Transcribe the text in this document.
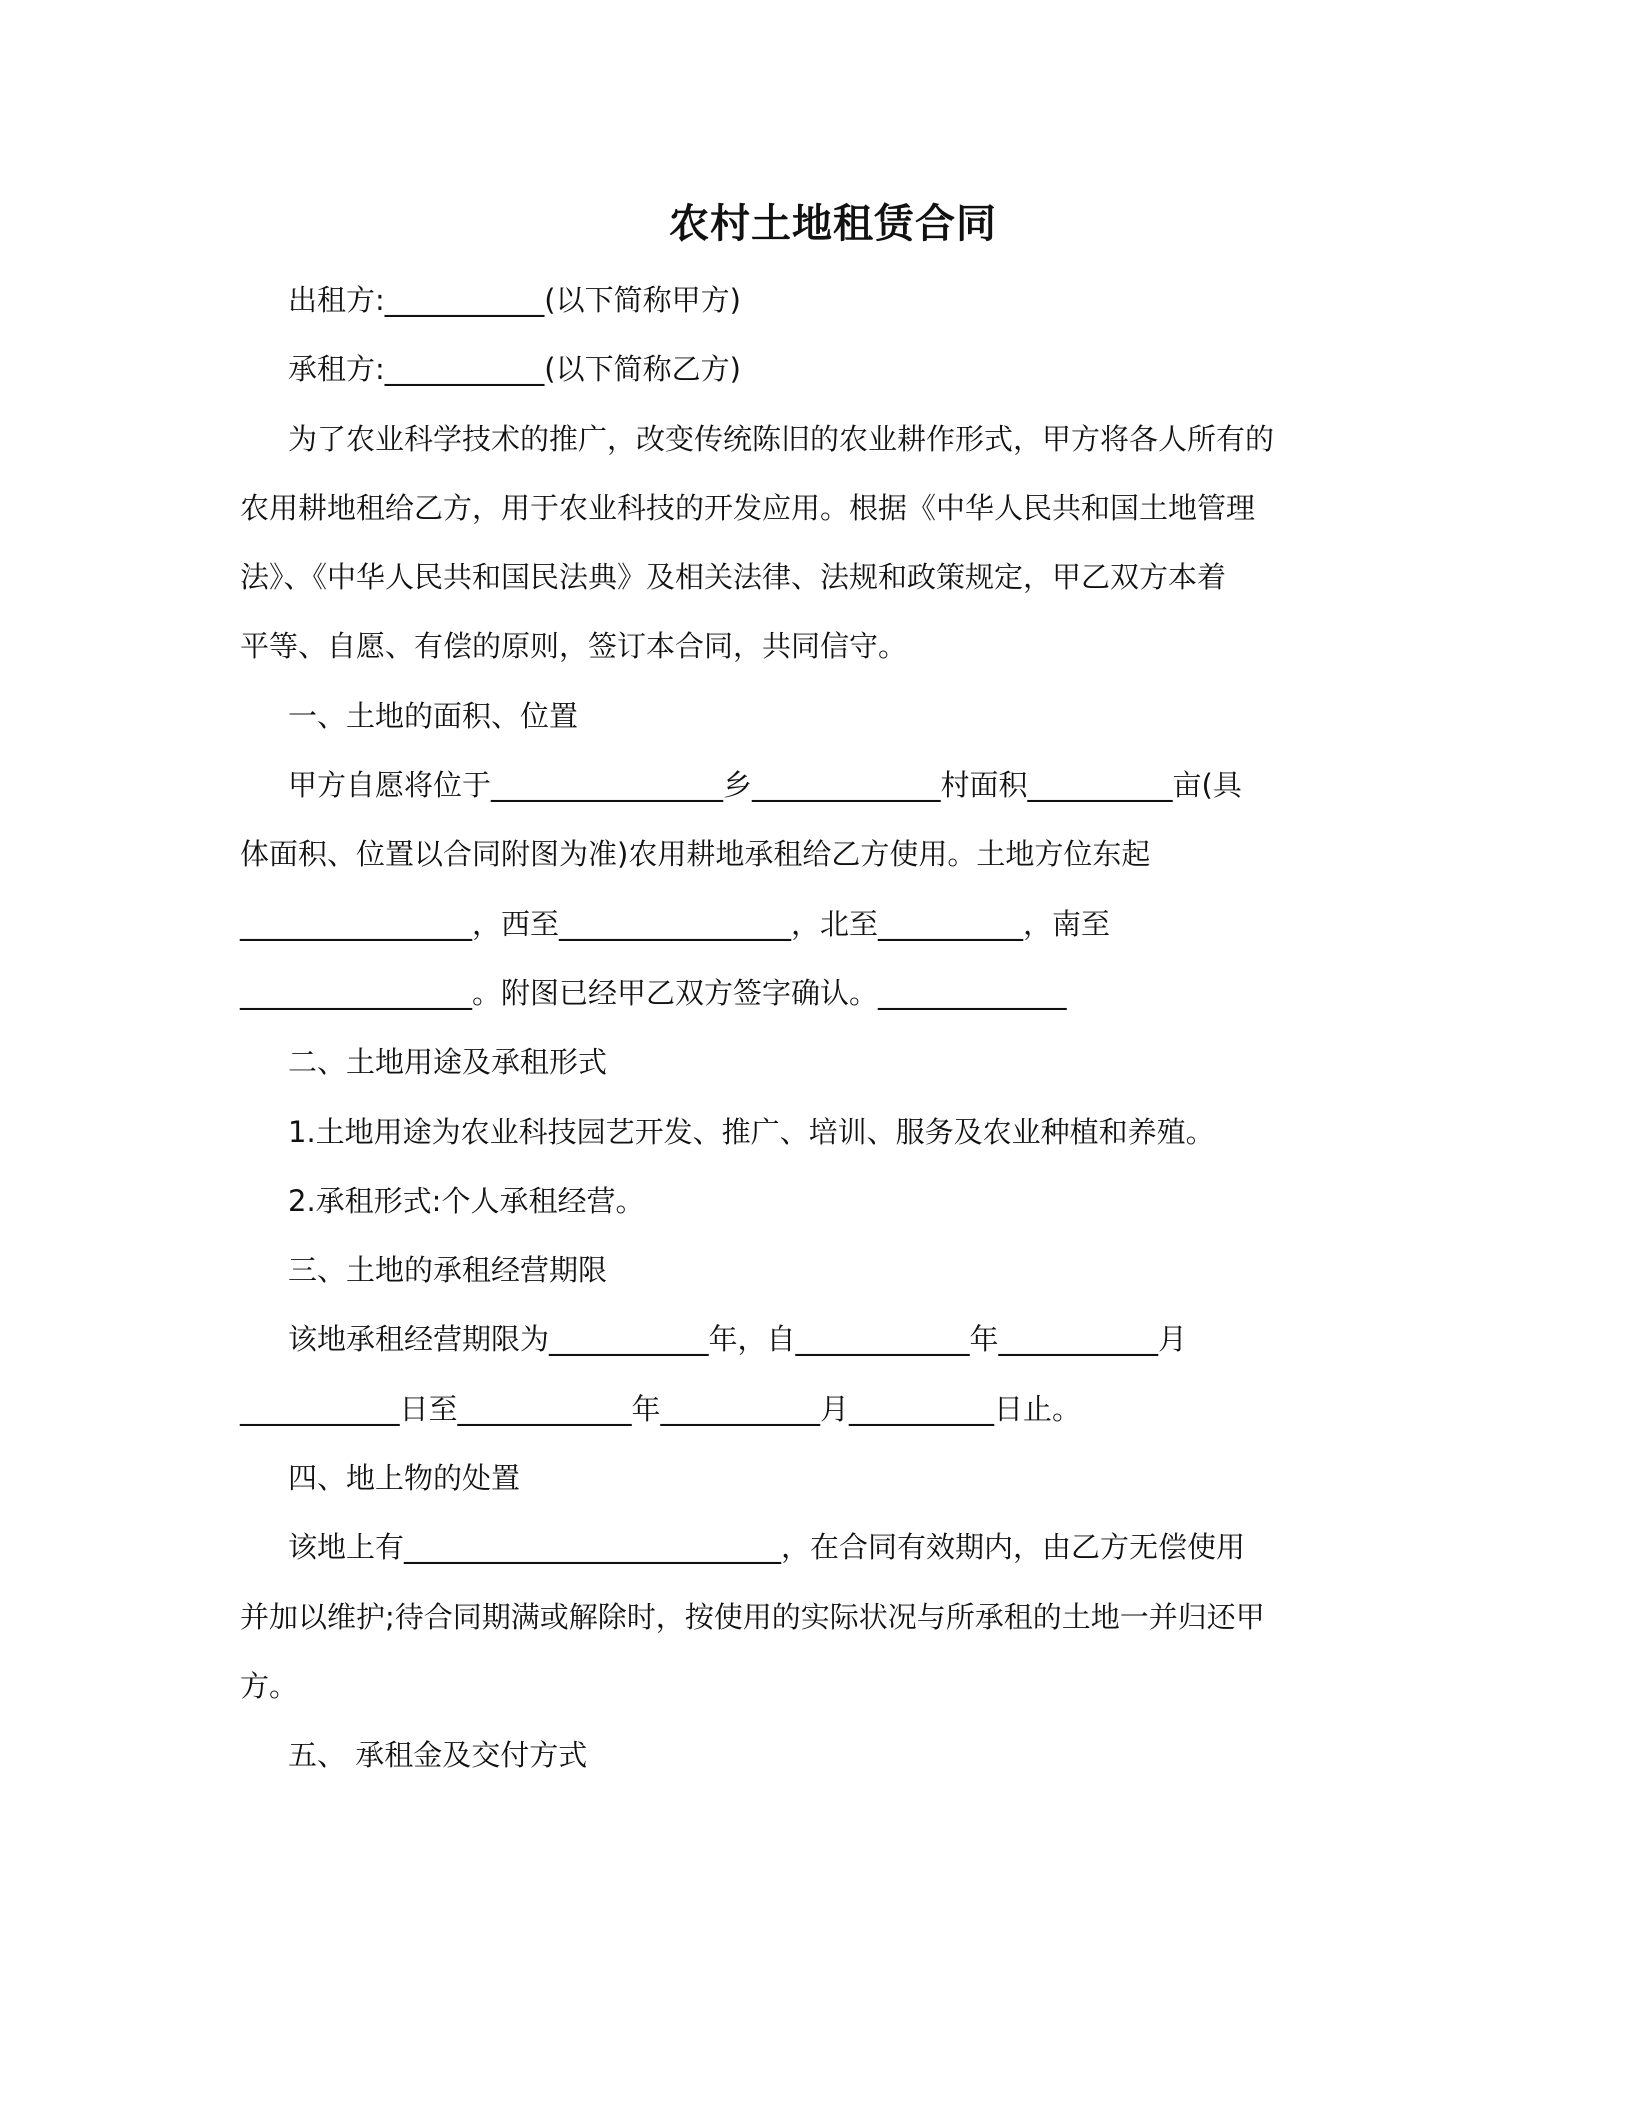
农村土地租赁合同
出租方:___________(以下简称甲方)
承租方:___________(以下简称乙方)
为了农业科学技术的推广，改变传统陈旧的农业耕作形式，甲方将各人所有的
农用耕地租给乙方，用于农业科技的开发应用。根据《中华人民共和国土地管理
法》、《中华人民共和国民法典》及相关法律、法规和政策规定，甲乙双方本着
平等、自愿、有偿的原则，签订本合同，共同信守。
一、土地的面积、位置
甲方自愿将位于________________乡_____________村面积__________亩(具
体面积、位置以合同附图为准)农用耕地承租给乙方使用。土地方位东起
________________，西至________________，北至__________，南至
________________。附图已经甲乙双方签字确认。_____________
二、土地用途及承租形式
1.土地用途为农业科技园艺开发、推广、培训、服务及农业种植和养殖。
2.承租形式:个人承租经营。
三、土地的承租经营期限
该地承租经营期限为___________年，自____________年___________月
___________日至____________年___________月__________日止。
四、地上物的处置
该地上有__________________________，在合同有效期内，由乙方无偿使用
并加以维护;待合同期满或解除时，按使用的实际状况与所承租的土地一并归还甲
方。
五、 承租金及交付方式
